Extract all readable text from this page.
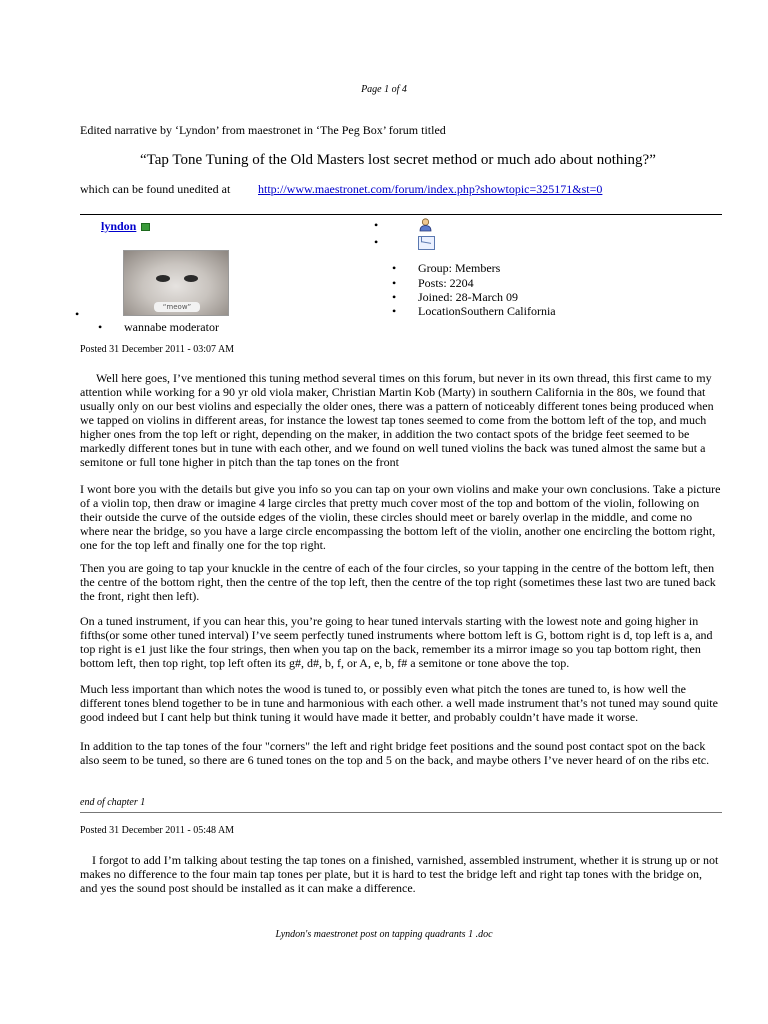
Page 1 of 4
Edited narrative by ‘Lyndon’ from maestronet in ‘The Peg Box’ forum titled
“Tap Tone Tuning of the Old Masters lost secret method or much ado about nothing?”
which can be found unedited at http://www.maestronet.com/forum/index.php?showtopic=325171&st=0
lyndon
“meow”
• wannabe moderator
• Group: Members
• Posts: 2204
• Joined: 28-March 09
• LocationSouthern California
Posted 31 December 2011 - 03:07 AM
Well here goes, I’ve mentioned this tuning method several times on this forum, but never in its own thread, this first came to my attention while working for a 90 yr old viola maker, Christian Martin Kob (Marty) in southern California in the 80s, we found that usually only on our best violins and especially the older ones, there was a pattern of noticeably different tones being produced when we tapped on violins in different areas, for instance the lowest tap tones seemed to come from the bottom left of the top, and much higher ones from the top left or right, depending on the maker, in addition the two contact spots of the bridge feet seemed to be markedly different tones but in tune with each other, and we found on well tuned violins the back was tuned almost the same but a semitone or full tone higher in pitch than the tap tones on the front
I wont bore you with the details but give you info so you can tap on your own violins and make your own conclusions. Take a picture of a violin top, then draw or imagine 4 large circles that pretty much cover most of the top and bottom of the violin, following on their outside the curve of the outside edges of the violin, these circles should meet or barely overlap in the middle, and come no where near the bridge, so you have a large circle encompassing the bottom left of the violin, another one encircling the bottom right, one for the top left and finally one for the top right.
Then you are going to tap your knuckle in the centre of each of the four circles, so your tapping in the centre of the bottom left, then the centre of the bottom right, then the centre of the top left, then the centre of the top right (sometimes these last two are tuned back the front, right then left).
On a tuned instrument, if you can hear this, you’re going to hear tuned intervals starting with the lowest note and going higher in fifths(or some other tuned interval) I’ve seem perfectly tuned instruments where bottom left is G, bottom right is d, top left is a, and top right is e1 just like the four strings, then when you tap on the back, remember its a mirror image so you tap bottom right, then bottom left, then top right, top left often its g#, d#, b, f, or A, e, b, f# a semitone or tone above the top.
Much less important than which notes the wood is tuned to, or possibly even what pitch the tones are tuned to, is how well the different tones blend together to be in tune and harmonious with each other. a well made instrument that’s not tuned may sound quite good indeed but I cant help but think tuning it would have made it better, and probably couldn’t have made it worse.
In addition to the tap tones of the four "corners" the left and right bridge feet positions and the sound post contact spot on the back also seem to be tuned, so there are 6 tuned tones on the top and 5 on the back, and maybe others I’ve never heard of on the ribs etc.
end of chapter 1
Posted 31 December 2011 - 05:48 AM
I forgot to add I’m talking about testing the tap tones on a finished, varnished, assembled instrument, whether it is strung up or not makes no difference to the four main tap tones per plate, but it is hard to test the bridge left and right tap tones with the bridge on, and yes the sound post should be installed as it can make a difference.
Lyndon's maestronet post on tapping quadrants 1 .doc
